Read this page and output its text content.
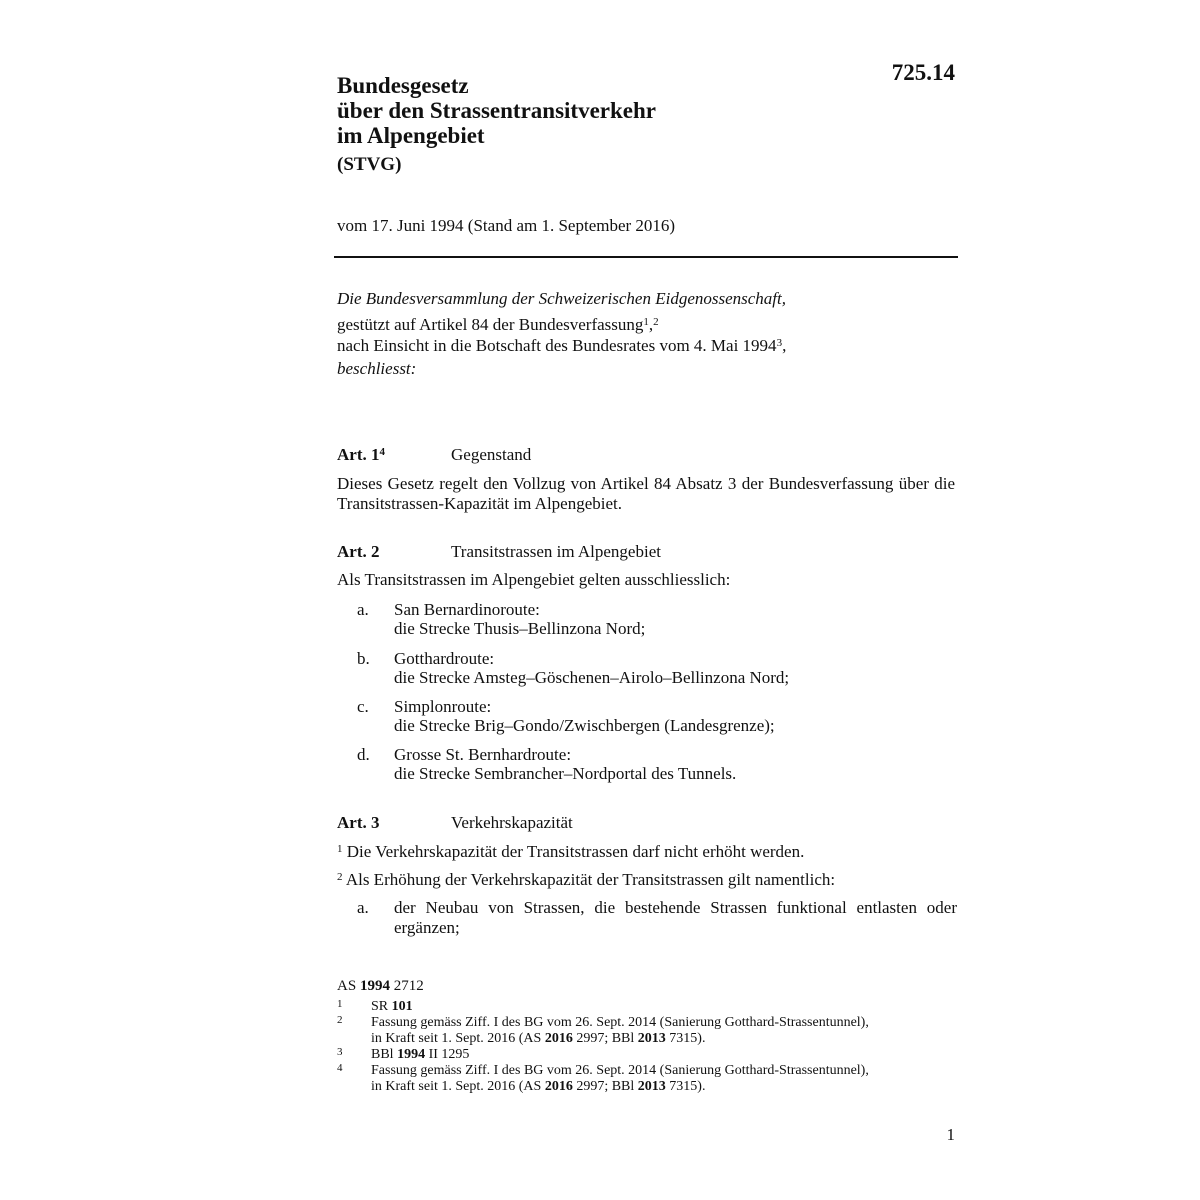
725.14
Bundesgesetz
über den Strassentransitverkehr
im Alpengebiet
(STVG)
vom 17. Juni 1994 (Stand am 1. September 2016)
Die Bundesversammlung der Schweizerischen Eidgenossenschaft,
gestützt auf Artikel 84 der Bundesverfassung$^1$,$^2$
nach Einsicht in die Botschaft des Bundesrates vom 4. Mai 1994$^3$,
beschliesst:
Art. $1^4$	Gegenstand
Dieses Gesetz regelt den Vollzug von Artikel 84 Absatz 3 der Bundesverfassung über die Transitstrassen-Kapazität im Alpengebiet.
Art. 2	Transitstrassen im Alpengebiet
Als Transitstrassen im Alpengebiet gelten ausschliesslich:
a. San Bernardinoroute:
die Strecke Thusis–Bellinzona Nord;
b. Gotthardroute:
die Strecke Amsteg–Göschenen–Airolo–Bellinzona Nord;
c. Simplonroute:
die Strecke Brig–Gondo/Zwischbergen (Landesgrenze);
d. Grosse St. Bernhardroute:
die Strecke Sembrancher–Nordportal des Tunnels.
Art. 3	Verkehrskapazität
$^1$ Die Verkehrskapazität der Transitstrassen darf nicht erhöht werden.
$^2$ Als Erhöhung der Verkehrskapazität der Transitstrassen gilt namentlich:
a. der Neubau von Strassen, die bestehende Strassen funktional entlasten oder ergänzen;
AS 1994 2712
1 SR 101
2 Fassung gemäss Ziff. I des BG vom 26. Sept. 2014 (Sanierung Gotthard-Strassentunnel),
in Kraft seit 1. Sept. 2016 (AS 2016 2997; BBl 2013 7315).
3 BBl 1994 II 1295
4 Fassung gemäss Ziff. I des BG vom 26. Sept. 2014 (Sanierung Gotthard-Strassentunnel),
in Kraft seit 1. Sept. 2016 (AS 2016 2997; BBl 2013 7315).
1
